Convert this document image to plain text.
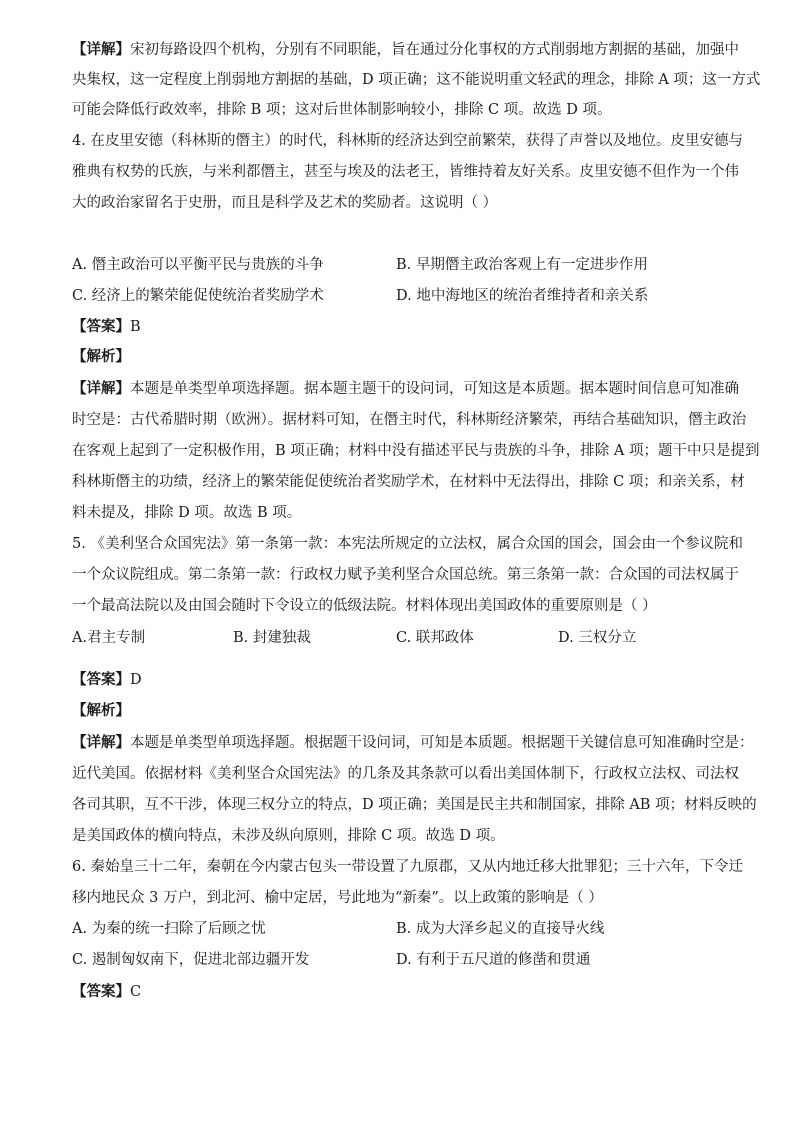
【详解】宋初每路设四个机构，分别有不同职能，旨在通过分化事权的方式削弱地方割据的基础，加强中
央集权，这一定程度上削弱地方割据的基础，D 项正确；这不能说明重文轻武的理念，排除 A 项；这一方式
可能会降低行政效率，排除 B 项；这对后世体制影响较小，排除 C 项。故选 D 项。
4. 在皮里安德（科林斯的僭主）的时代，科林斯的经济达到空前繁荣，获得了声誉以及地位。皮里安德与
雅典有权势的氏族，与米利都僭主，甚至与埃及的法老王，皆维持着友好关系。皮里安德不但作为一个伟
大的政治家留名于史册，而且是科学及艺术的奖励者。这说明（ ）
A. 僭主政治可以平衡平民与贵族的斗争	B. 早期僭主政治客观上有一定进步作用
C. 经济上的繁荣能促使统治者奖励学术	D. 地中海地区的统治者维持者和亲关系
【答案】B
【解析】
【详解】本题是单类型单项选择题。据本题主题干的设问词，可知这是本质题。据本题时间信息可知准确
时空是：古代希腊时期（欧洲）。据材料可知，在僭主时代，科林斯经济繁荣，再结合基础知识，僭主政治
在客观上起到了一定积极作用，B 项正确；材料中没有描述平民与贵族的斗争，排除 A 项；题干中只是提到
科林斯僭主的功绩，经济上的繁荣能促使统治者奖励学术，在材料中无法得出，排除 C 项；和亲关系，材
料未提及，排除 D 项。故选 B 项。
5. 《美利坚合众国宪法》第一条第一款：本宪法所规定的立法权，属合众国的国会，国会由一个参议院和
一个众议院组成。第二条第一款：行政权力赋予美利坚合众国总统。第三条第一款：合众国的司法权属于
一个最高法院以及由国会随时下令设立的低级法院。材料体现出美国政体的重要原则是（ ）
A.君主专制	B. 封建独裁	C. 联邦政体	D. 三权分立
【答案】D
【解析】
【详解】本题是单类型单项选择题。根据题干设问词，可知是本质题。根据题干关键信息可知准确时空是：
近代美国。依据材料《美利坚合众国宪法》的几条及其条款可以看出美国体制下，行政权立法权、司法权
各司其职，互不干涉，体现三权分立的特点，D 项正确；美国是民主共和制国家，排除 AB 项；材料反映的
是美国政体的横向特点，未涉及纵向原则，排除 C 项。故选 D 项。
6. 秦始皇三十二年，秦朝在今内蒙古包头一带设置了九原郡，又从内地迁移大批罪犯；三十六年，下令迁
移内地民众 3 万户，到北河、榆中定居，号此地为“新秦”。以上政策的影响是（ ）
A. 为秦的统一扫除了后顾之忧	B. 成为大泽乡起义的直接导火线
C. 遏制匈奴南下，促进北部边疆开发	D. 有利于五尺道的修凿和贯通
【答案】C
